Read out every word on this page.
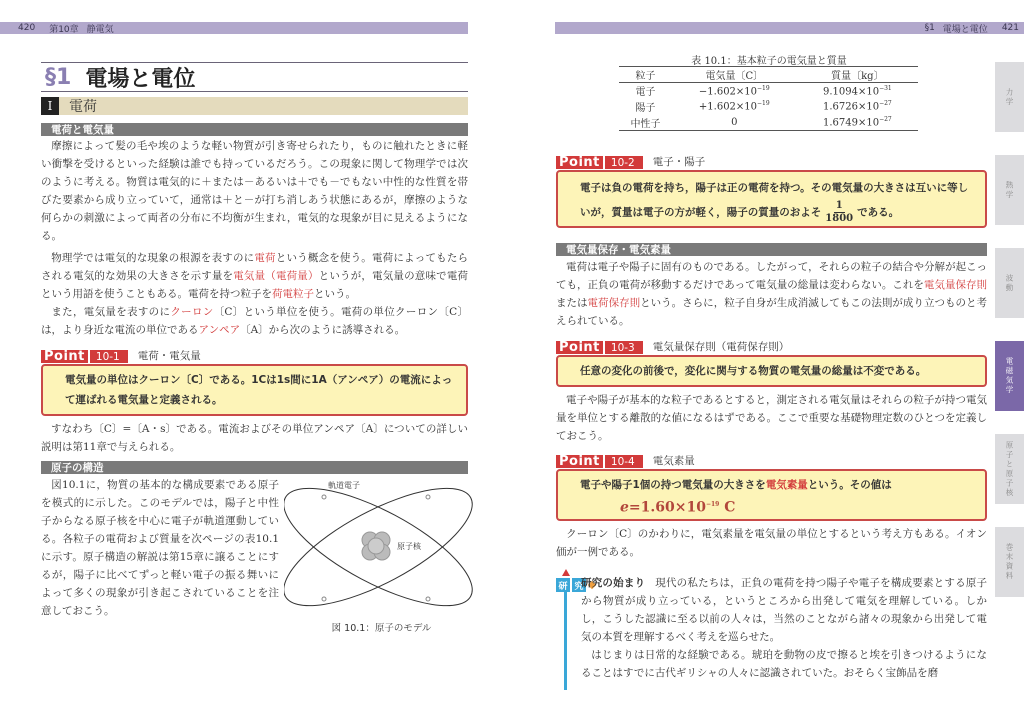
420 第10章 静電気
§1 電場と電位
I	電荷
電荷と電気量
摩擦によって髪の毛や埃のような軽い物質が引き寄せられたり，ものに触れたときに軽い衝撃を受けるといった経験は誰でも持っているだろう。この現象に関して物理学では次のように考える。物質は電気的に＋または－あるいは＋でも－でもない中性的な性質を帯びた要素から成り立っていて，通常は＋と－が打ち消しあう状態にあるが，摩擦のような何らかの刺激によって両者の分布に不均衡が生まれ，電気的な現象が目に見えるようになる。
物理学では電気的な現象の根源を表すのに電荷という概念を使う。電荷によってもたらされる電気的な効果の大きさを示す量を電気量（電荷量）というが，電気量の意味で電荷という用語を使うこともある。電荷を持つ粒子を荷電粒子という。
また，電気量を表すのにクーロン〔C〕という単位を使う。電荷の単位クーロン〔C〕は，より身近な電流の単位であるアンペア〔A〕から次のように誘導される。
Point	10-1	電荷・電気量
電気量の単位はクーロン〔C〕である。1Cは1s間に1A（アンペア）の電流によって運ばれる電気量と定義される。
すなわち〔C〕=〔A・s〕である。電流およびその単位アンペア〔A〕についての詳しい説明は第11章で与えられる。
原子の構造
図10.1に，物質の基本的な構成要素である原子を模式的に示した。このモデルでは，陽子と中性子からなる原子核を中心に電子が軌道運動している。各粒子の電荷および質量を次ページの表10.1に示す。原子構造の解説は第15章に譲ることにするが，陽子に比べてずっと軽い電子の振る舞いによって多くの現象が引き起こされていることを注意しておこう。
軌道電子
原子核
図 10.1：原子のモデル
§1 電場と電位 421
表 10.1：基本粒子の電気量と質量
粒子	電気量〔C〕	質量〔kg〕
電子	$-1.602\times 10^{-19}$	$9.1094\times 10^{-31}$
陽子	$+1.602\times 10^{-19}$	$1.6726\times 10^{-27}$
中性子	0	$1.6749\times 10^{-27}$
Point	10-2	電子・陽子
電子は負の電荷を持ち，陽子は正の電荷を持つ。その電気量の大きさは互いに等しいが，質量は電子の方が軽く，陽子の質量のおよそ $\frac{1}{1800}$ である。
電気量保存・電気素量
電荷は電子や陽子に固有のものである。したがって，それらの粒子の結合や分解が起こっても，正負の電荷が移動するだけであって電気量の総量は変わらない。これを電気量保存則または電荷保存則という。さらに，粒子自身が生成消滅してもこの法則が成り立つものと考えられている。
Point	10-3	電気量保存則（電荷保存則）
任意の変化の前後で，変化に関与する物質の電気量の総量は不変である。
電子や陽子が基本的な粒子であるとすると，測定される電気量はそれらの粒子が持つ電気量を単位とする離散的な値になるはずである。ここで重要な基礎物理定数のひとつを定義しておこう。
Point	10-4	電気素量
電子や陽子1個の持つ電気量の大きさを電気素量という。その値は
$e=1.60\times 10^{-19}$ C
クーロン〔C〕のかわりに，電気素量を電気量の単位とするという考え方もある。イオン価が一例である。
研 究
研究の始まり 現代の私たちは，正負の電荷を持つ陽子や電子を構成要素とする原子から物質が成り立っている，というところから出発して電気を理解している。しかし，こうした認識に至る以前の人々は，当然のことながら諸々の現象から出発して電気の本質を理解するべく考えを巡らせた。
はじまりは日常的な経験である。琥珀を動物の皮で擦ると埃を引きつけるようになることはすでに古代ギリシャの人々に認識されていた。おそらく宝飾品を磨
力学
熱学
波動
電磁気学
原子と原子核
巻末資料
